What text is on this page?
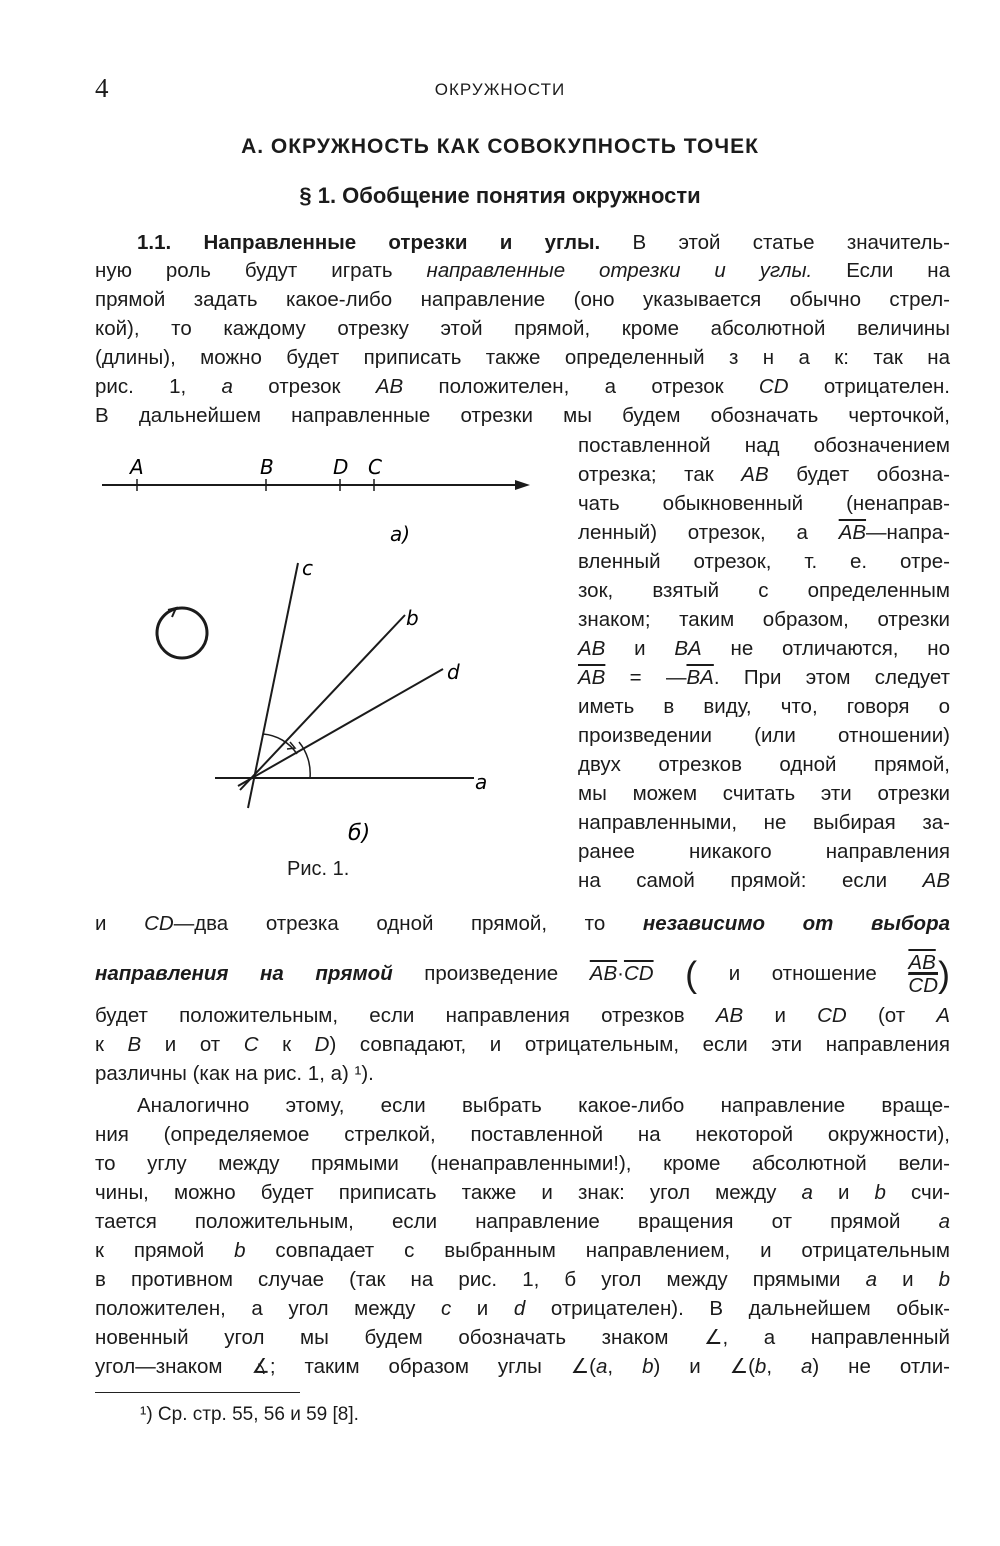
4	ОКРУЖНОСТИ
А. ОКРУЖНОСТЬ КАК СОВОКУПНОСТЬ ТОЧЕК
§ 1. Обобщение понятия окружности
1.1. Направленные отрезки и углы. В этой статье значитель-
ную роль будут играть направленные отрезки и углы. Если на
прямой задать какое-либо направление (оно указывается обычно стрел-
кой), то каждому отрезку этой прямой, кроме абсолютной величины
(длины), можно будет приписать также определенный з н а к: так на
рис. 1, а отрезок AB положителен, а отрезок CD отрицателен.
В дальнейшем направленные отрезки мы будем обозначать черточкой,
поставленной над обозначением
отрезка; так AB будет обозна-
чать обыкновенный (ненаправ-
ленный) отрезок, а $\overline{AB}—напра-$
вленный отрезок, т. е. отре-
зок, взятый с определенным
знаком; таким образом, отрезки
AB и BA не отличаются, но
$\overline{AB}$ = $—\overline{BA}$. При этом следует
иметь в виду, что, говоря о
произведении (или отношении)
двух отрезков одной прямой,
мы можем считать эти отрезки
направленными, не выбирая за-
ранее никакого направления
на самой прямой: если AB
A	B	D C
а)
c
b
d
a
б)
Рис. 1.
и CD—два отрезка одной прямой, то независимо от выбора
направления на прямой произведение $\overline{AB}\cdot\overline{CD}$ ( и отношение $\frac{\overline{AB}}{CD}$ )
будет положительным, если направления отрезков AB и CD (от A
к B и от C к D) совпадают, и отрицательным, если эти направления
различны (как на рис. 1, а) ¹).
Аналогично этому, если выбрать какое-либо направление враще-
ния (определяемое стрелкой, поставленной на некоторой окружности),
то углу между прямыми (ненаправленными!), кроме абсолютной вели-
чины, можно будет приписать также и знак: угол между a и b счи-
тается положительным, если направление вращения от прямой a
к прямой b совпадает с выбранным направлением, и отрицательным
в противном случае (так на рис. 1, б угол между прямыми a и b
положителен, а угол между c и d отрицателен). В дальнейшем обык-
новенный угол мы будем обозначать знаком ∠, а направленный
угол—знаком ∡; таким образом углы ∠(a, b) и ∠(b, a) не отли-
¹) Ср. стр. 55, 56 и 59 [8].
